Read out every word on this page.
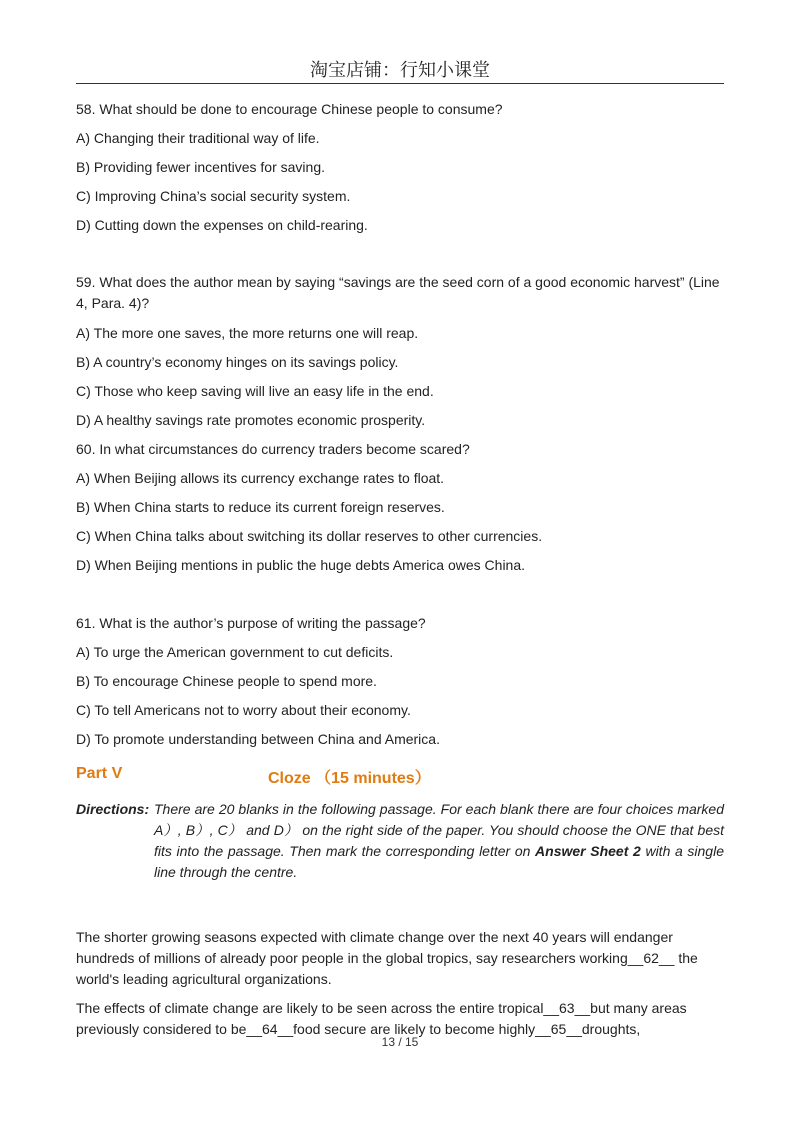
淘宝店铺：行知小课堂

58. What should be done to encourage Chinese people to consume?

A) Changing their traditional way of life.

B) Providing fewer incentives for saving.

C) Improving China’s social security system.

D) Cutting down the expenses on child-rearing.

59. What does the author mean by saying “savings are the seed corn of a good economic harvest” (Line 4, Para. 4)?

A) The more one saves, the more returns one will reap.

B) A country’s economy hinges on its savings policy.

C) Those who keep saving will live an easy life in the end.

D) A healthy savings rate promotes economic prosperity.

60. In what circumstances do currency traders become scared?

A) When Beijing allows its currency exchange rates to float.

B) When China starts to reduce its current foreign reserves.

C) When China talks about switching its dollar reserves to other currencies.

D) When Beijing mentions in public the huge debts America owes China.

61. What is the author’s purpose of writing the passage?

A) To urge the American government to cut deficits.

B) To encourage Chinese people to spend more.

C) To tell Americans not to worry about their economy.

D) To promote understanding between China and America.

Part V	Cloze （15 minutes）
Directions: There are 20 blanks in the following passage. For each blank there are four choices marked A）, B）, C） and D） on the right side of the paper. You should choose the ONE that best fits into the passage. Then mark the corresponding letter on Answer Sheet 2 with a single line through the centre.

The shorter growing seasons expected with climate change over the next 40 years will endanger hundreds of millions of already poor people in the global tropics, say researchers working__62__ the world's leading agricultural organizations.

The effects of climate change are likely to be seen across the entire tropical__63__but many areas previously considered to be__64__food secure are likely to become highly__65__droughts,

13 / 15
